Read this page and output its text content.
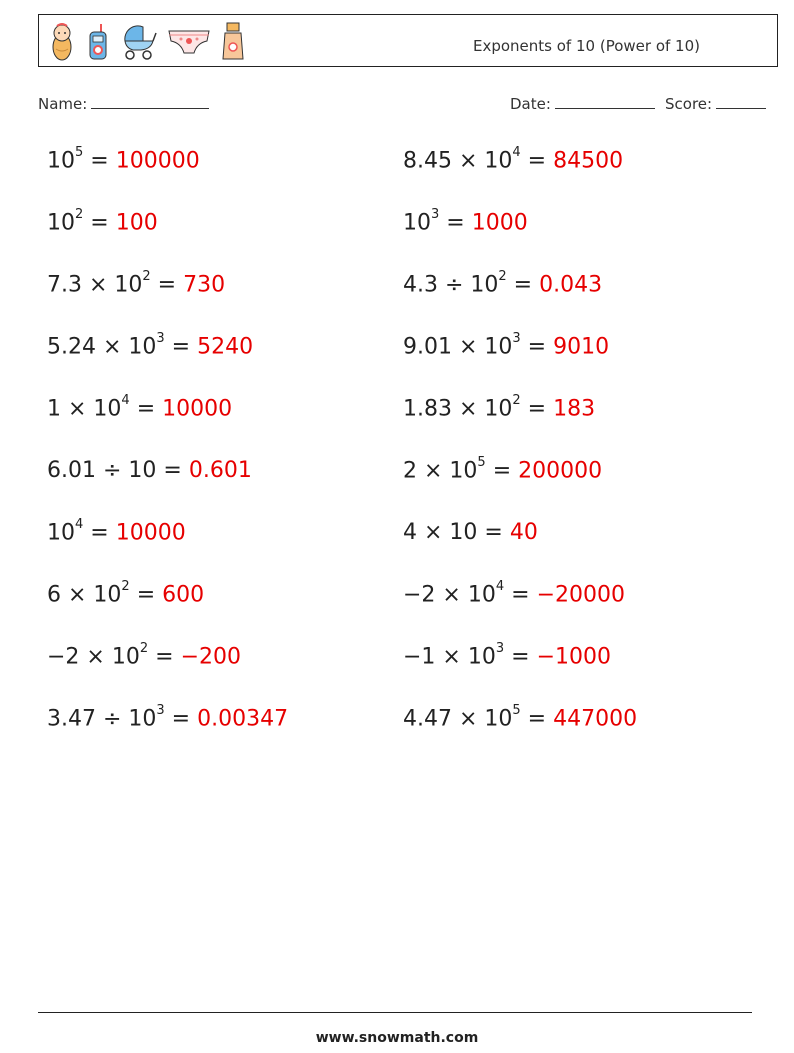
Exponents of 10 (Power of 10)
Name:	Date:	Score:
$10^5 = 100000$	$8.45 \times 10^4 = 84500$
$10^2 = 100$	$10^3 = 1000$
$7.3 \times 10^2 = 730$	$4.3 \div 10^2 = 0.043$
$5.24 \times 10^3 = 5240$	$9.01 \times 10^3 = 9010$
$1 \times 10^4 = 10000$	$1.83 \times 10^2 = 183$
6.01 ÷ 10 = 0.601	$2 \times 10^5 = 200000$
$10^4 = 10000$	4 × 10 = 40
$6 \times 10^2 = 600$	$-2 \times 10^4 = -20000$
$-2 \times 10^2 = -200$	$-1 \times 10^3 = -1000$
$3.47 \div 10^3 = 0.00347$	$4.47 \times 10^5 = 447000$
www.snowmath.com
